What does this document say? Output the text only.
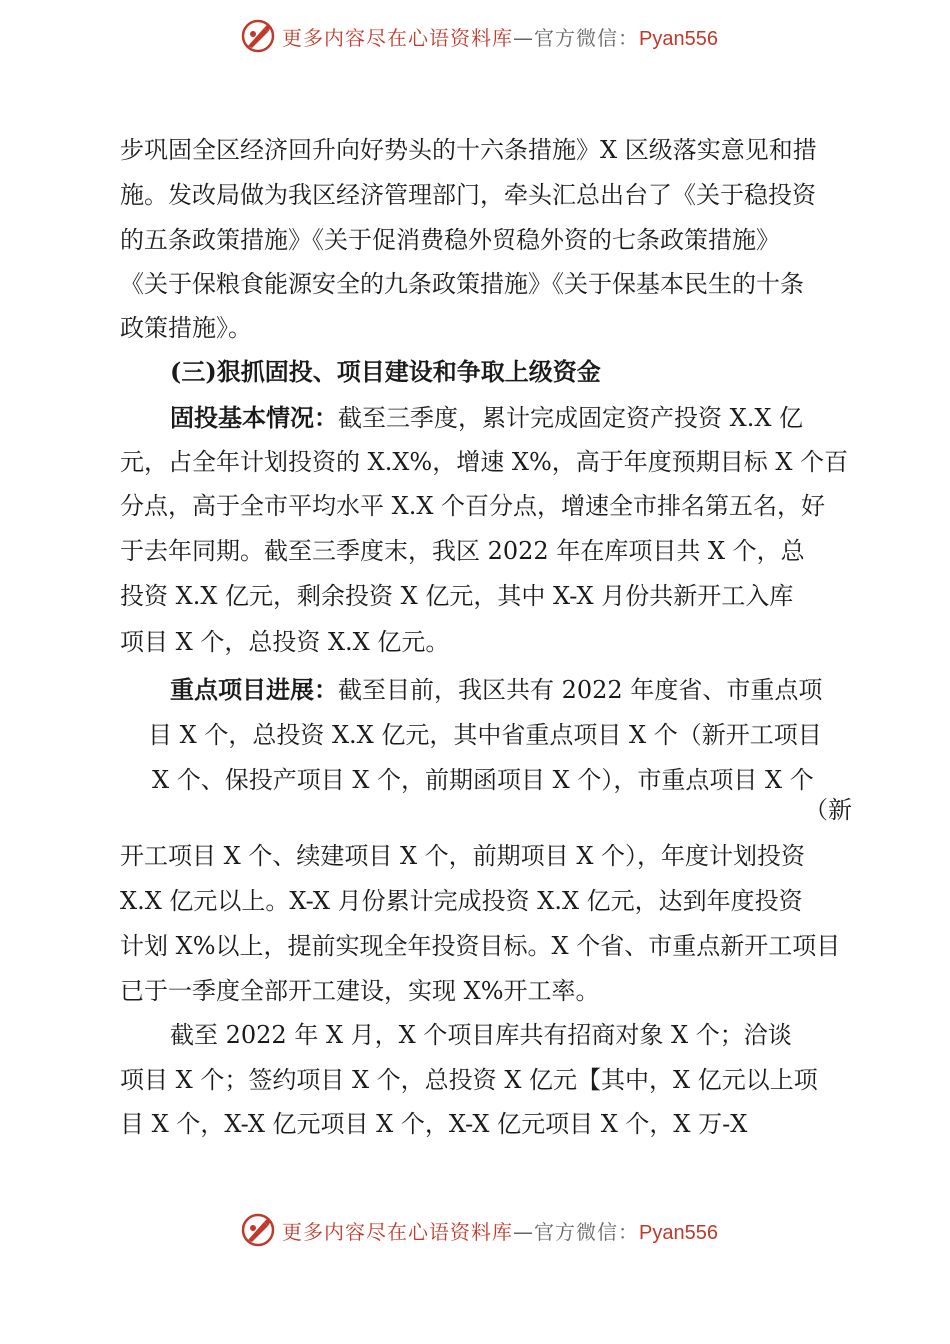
更多内容尽在心语资料库—官方微信：Pyan556
步巩固全区经济回升向好势头的十六条措施》X 区级落实意见和措
施。发改局做为我区经济管理部门，牵头汇总出台了《关于稳投资
的五条政策措施》《关于促消费稳外贸稳外资的七条政策措施》
《关于保粮食能源安全的九条政策措施》《关于保基本民生的十条
政策措施》。
(三)狠抓固投、项目建设和争取上级资金
固投基本情况：截至三季度，累计完成固定资产投资 X.X 亿
元，占全年计划投资的 X.X%，增速 X%，高于年度预期目标 X 个百
分点，高于全市平均水平 X.X 个百分点，增速全市排名第五名，好
于去年同期。截至三季度末，我区 2022 年在库项目共 X 个，总
投资 X.X 亿元，剩余投资 X 亿元，其中 X-X 月份共新开工入库
项目 X 个，总投资 X.X 亿元。
重点项目进展：截至目前，我区共有 2022 年度省、市重点项
目 X 个，总投资 X.X 亿元，其中省重点项目 X 个（新开工项目
X 个、保投产项目 X 个，前期函项目 X 个），市重点项目 X 个
（新
开工项目 X 个、续建项目 X 个，前期项目 X 个），年度计划投资
X.X 亿元以上。X-X 月份累计完成投资 X.X 亿元，达到年度投资
计划 X%以上，提前实现全年投资目标。X 个省、市重点新开工项目
已于一季度全部开工建设，实现 X%开工率。
截至 2022 年 X 月，X 个项目库共有招商对象 X 个；洽谈
项目 X 个；签约项目 X 个，总投资 X 亿元【其中，X 亿元以上项
目 X 个，X-X 亿元项目 X 个，X-X 亿元项目 X 个，X 万-X
更多内容尽在心语资料库—官方微信：Pyan556
